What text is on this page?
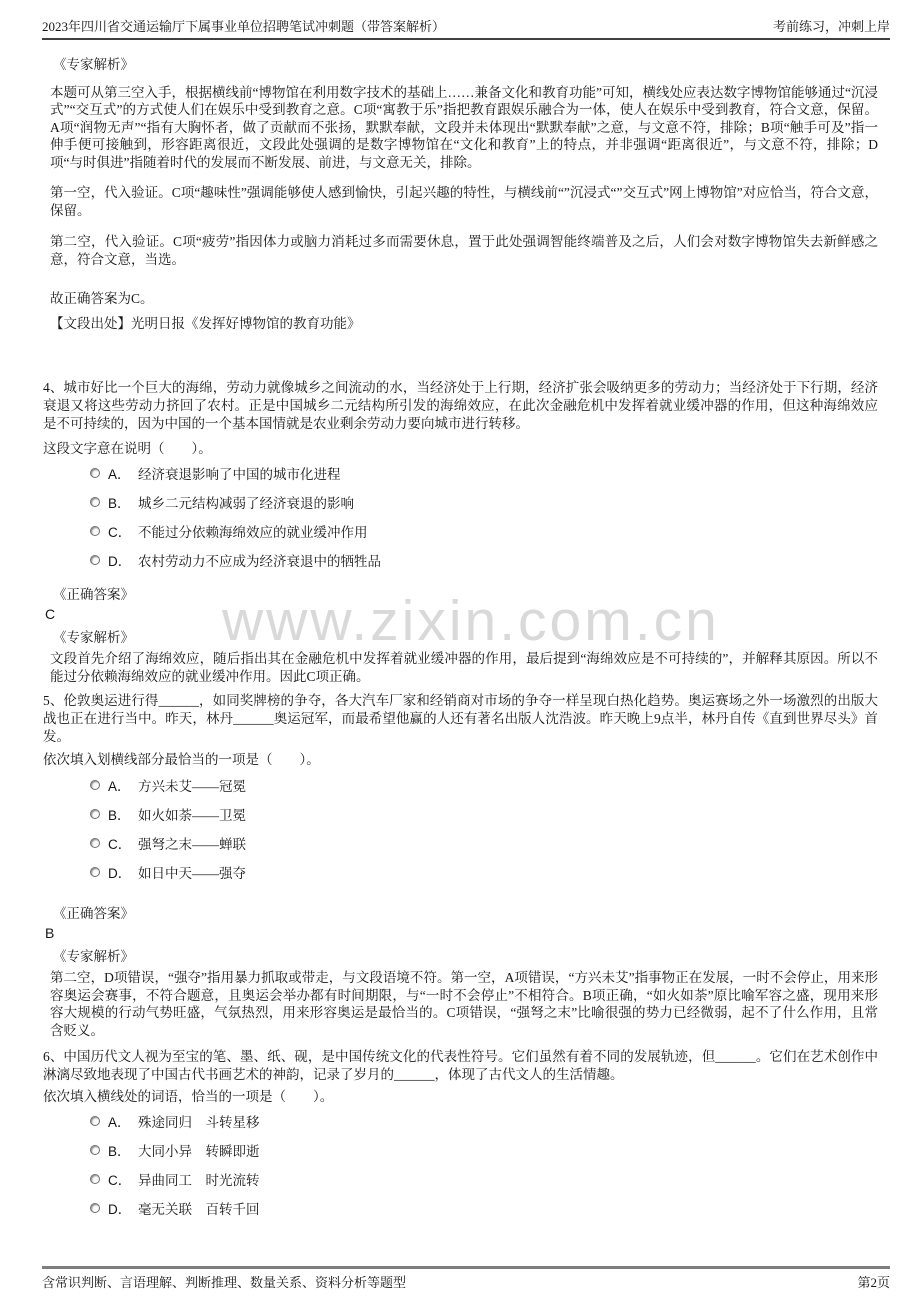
2023年四川省交通运输厅下属事业单位招聘笔试冲刺题（带答案解析）	考前练习，冲刺上岸
www.zixin.com.cn
《专家解析》

本题可从第三空入手，根据横线前“博物馆在利用数字技术的基础上……兼备文化和教育功能”可知，横线处应表达数字博物馆能够通过“沉浸式”“交互式”的方式使人们在娱乐中受到教育之意。C项“寓教于乐”指把教育跟娱乐融合为一体，使人在娱乐中受到教育，符合文意，保留。A项“润物无声”“指有大胸怀者，做了贡献而不张扬，默默奉献，文段并未体现出“默默奉献”之意，与文意不符，排除；B项“触手可及”指一伸手便可接触到，形容距离很近，文段此处强调的是数字博物馆在“文化和教育”上的特点，并非强调“距离很近”，与文意不符，排除；D项“与时俱进”指随着时代的发展而不断发展、前进，与文意无关，排除。

第一空，代入验证。C项“趣味性”强调能够使人感到愉快，引起兴趣的特性，与横线前“”沉浸式“”交互式”网上博物馆”对应恰当，符合文意，保留。

第二空，代入验证。C项“疲劳”指因体力或脑力消耗过多而需要休息，置于此处强调智能终端普及之后，人们会对数字博物馆失去新鲜感之意，符合文意，当选。

故正确答案为C。

【文段出处】光明日报《发挥好博物馆的教育功能》

4、城市好比一个巨大的海绵，劳动力就像城乡之间流动的水，当经济处于上行期，经济扩张会吸纳更多的劳动力；当经济处于下行期，经济衰退又将这些劳动力挤回了农村。正是中国城乡二元结构所引发的海绵效应，在此次金融危机中发挥着就业缓冲器的作用，但这种海绵效应是不可持续的，因为中国的一个基本国情就是农业剩余劳动力要向城市进行转移。

这段文字意在说明（　　）。

A． 经济衰退影响了中国的城市化进程
B． 城乡二元结构减弱了经济衰退的影响
C． 不能过分依赖海绵效应的就业缓冲作用
D． 农村劳动力不应成为经济衰退中的牺牲品
《正确答案》
C
《专家解析》

文段首先介绍了海绵效应，随后指出其在金融危机中发挥着就业缓冲器的作用，最后提到“海绵效应是不可持续的”，并解释其原因。所以不能过分依赖海绵效应的就业缓冲作用。因此C项正确。

5、伦敦奥运进行得______，如同奖牌榜的争夺，各大汽车厂家和经销商对市场的争夺一样呈现白热化趋势。奥运赛场之外一场激烈的出版大战也正在进行当中。昨天，林丹______奥运冠军，而最希望他赢的人还有著名出版人沈浩波。昨天晚上9点半，林丹自传《直到世界尽头》首发。

依次填入划横线部分最恰当的一项是（　　）。

A． 方兴未艾——冠冕
B． 如火如荼——卫冕
C． 强弩之末——蝉联
D． 如日中天——强夺
《正确答案》
B
《专家解析》

第二空，D项错误，“强夺”指用暴力抓取或带走，与文段语境不符。第一空，A项错误，“方兴未艾”指事物正在发展，一时不会停止，用来形容奥运会赛事，不符合题意，且奥运会举办都有时间期限，与“一时不会停止”不相符合。B项正确，“如火如荼”原比喻军容之盛，现用来形容大规模的行动气势旺盛，气氛热烈，用来形容奥运是最恰当的。C项错误，“强弩之末”比喻很强的势力已经微弱，起不了什么作用，且常含贬义。

6、中国历代文人视为至宝的笔、墨、纸、砚，是中国传统文化的代表性符号。它们虽然有着不同的发展轨迹，但______。它们在艺术创作中淋漓尽致地表现了中国古代书画艺术的神韵，记录了岁月的______，体现了古代文人的生活情趣。

依次填入横线处的词语，恰当的一项是（　　）。

A． 殊途同归　斗转星移
B． 大同小异　转瞬即逝
C． 异曲同工　时光流转
D． 毫无关联　百转千回
含常识判断、言语理解、判断推理、数量关系、资料分析等题型	第2页
